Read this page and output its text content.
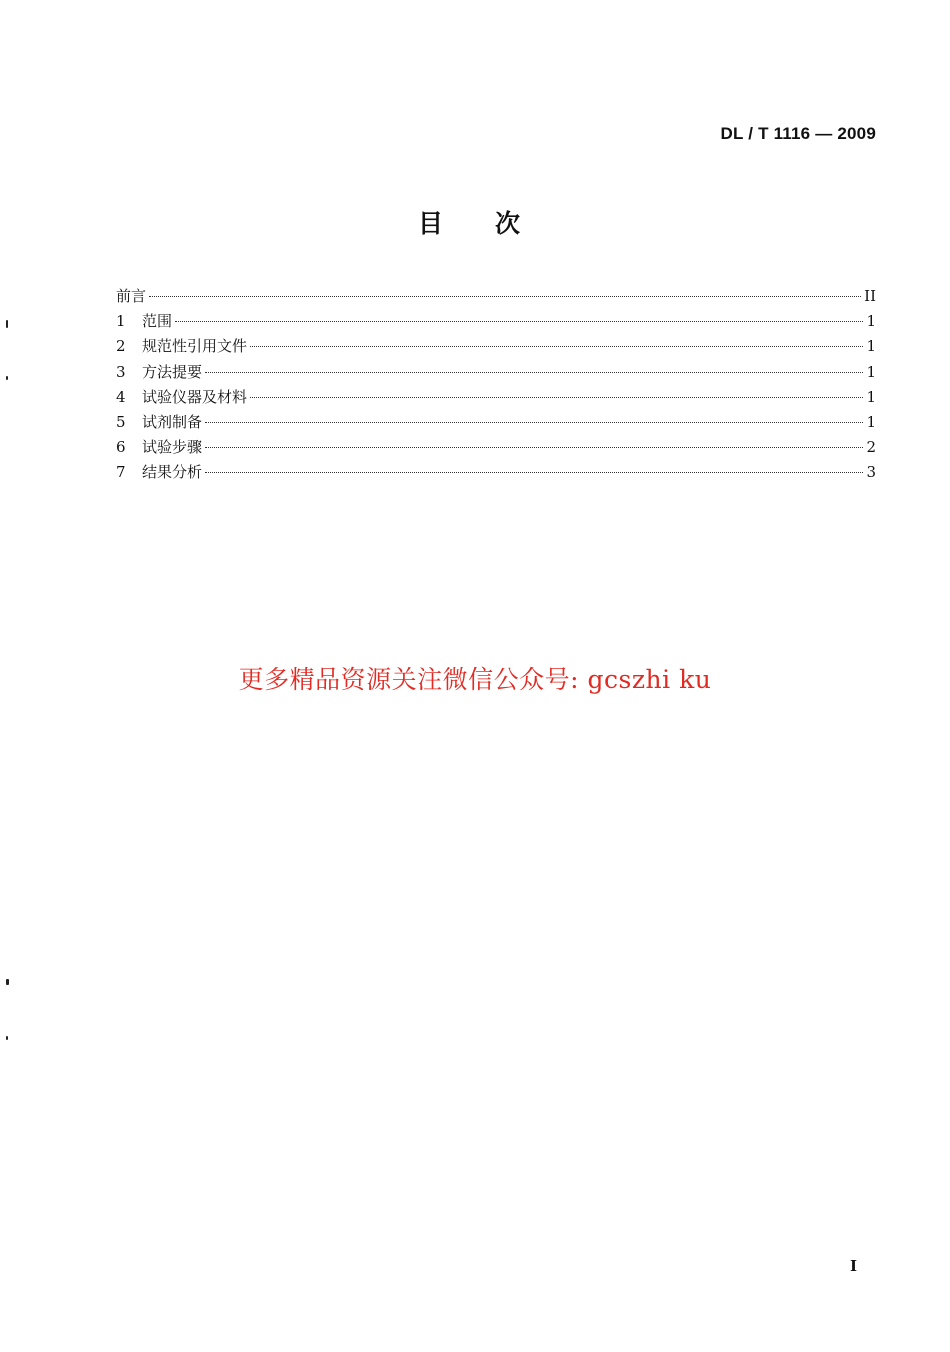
DL / T 1116 — 2009
目次
前言	II
1	范围	1
2	规范性引用文件	1
3	方法提要	1
4	试验仪器及材料	1
5	试剂制备	1
6	试验步骤	2
7	结果分析	3
更多精品资源关注微信公众号: gcszhi ku
I
